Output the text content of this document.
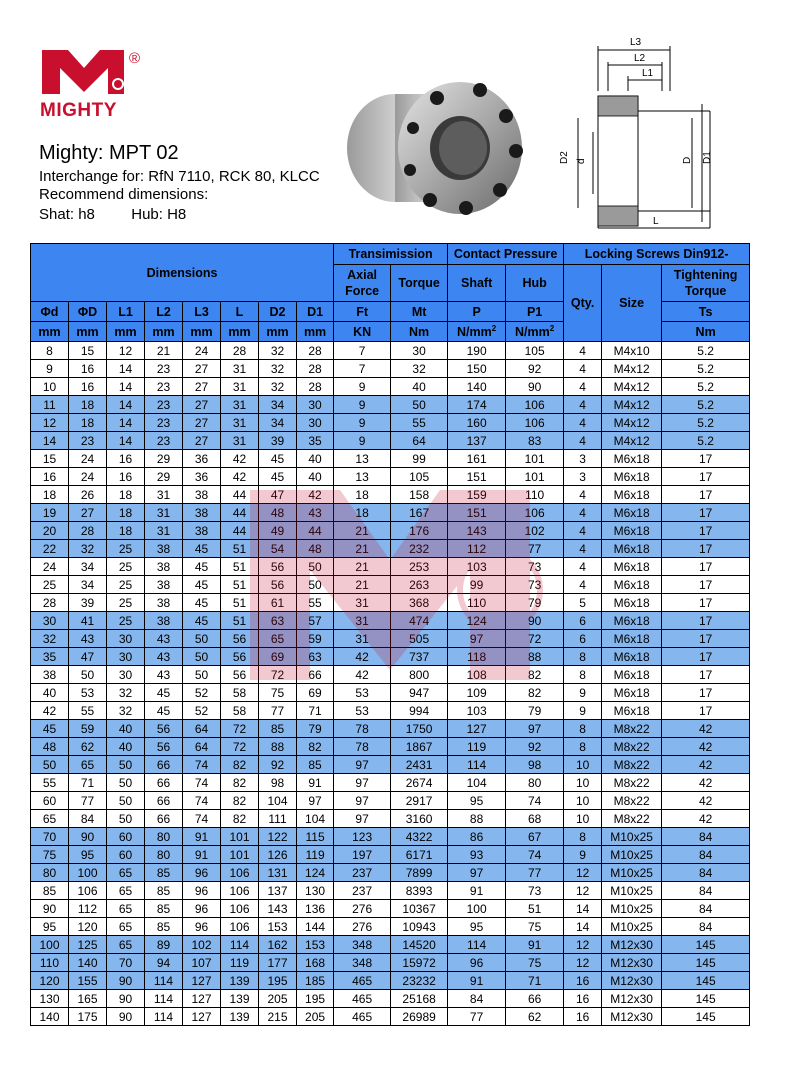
®
MIGHTY
Mighty: MPT 02
Interchange for: RfN 7110, RCK 80, KLCC
Recommend dimensions:
Shat: h8 Hub: H8
L3
L2
L1
L
D2 d	D D1
Dimensions								Transimission		Contact Pressure		Locking Screws Din912-		
								Axial Force	Torque	Shaft	Hub	Qty.	Size	Tightening Torque
Φd	ΦD	L1	L2	L3	L	D2	D1	Ft	Mt	P	P1			Ts
mm	mm	mm	mm	mm	mm	mm	mm	KN	Nm	$N/mm^2$	$N/mm^2$			Nm
8	15	12	21	24	28	32	28	7	30	190	105	4	M4x10	5.2
9	16	14	23	27	31	32	28	7	32	150	92	4	M4x12	5.2
10	16	14	23	27	31	32	28	9	40	140	90	4	M4x12	5.2
11	18	14	23	27	31	34	30	9	50	174	106	4	M4x12	5.2
12	18	14	23	27	31	34	30	9	55	160	106	4	M4x12	5.2
14	23	14	23	27	31	39	35	9	64	137	83	4	M4x12	5.2
15	24	16	29	36	42	45	40	13	99	161	101	3	M6x18	17
16	24	16	29	36	42	45	40	13	105	151	101	3	M6x18	17
18	26	18	31	38	44	47	42	18	158	159	110	4	M6x18	17
19	27	18	31	38	44	48	43	18	167	151	106	4	M6x18	17
20	28	18	31	38	44	49	44	21	176	143	102	4	M6x18	17
22	32	25	38	45	51	54	48	21	232	112	77	4	M6x18	17
24	34	25	38	45	51	56	50	21	253	103	73	4	M6x18	17
25	34	25	38	45	51	56	50	21	263	99	73	4	M6x18	17
28	39	25	38	45	51	61	55	31	368	110	79	5	M6x18	17
30	41	25	38	45	51	63	57	31	474	124	90	6	M6x18	17
32	43	30	43	50	56	65	59	31	505	97	72	6	M6x18	17
35	47	30	43	50	56	69	63	42	737	118	88	8	M6x18	17
38	50	30	43	50	56	72	66	42	800	108	82	8	M6x18	17
40	53	32	45	52	58	75	69	53	947	109	82	9	M6x18	17
42	55	32	45	52	58	77	71	53	994	103	79	9	M6x18	17
45	59	40	56	64	72	85	79	78	1750	127	97	8	M8x22	42
48	62	40	56	64	72	88	82	78	1867	119	92	8	M8x22	42
50	65	50	66	74	82	92	85	97	2431	114	98	10	M8x22	42
55	71	50	66	74	82	98	91	97	2674	104	80	10	M8x22	42
60	77	50	66	74	82	104	97	97	2917	95	74	10	M8x22	42
65	84	50	66	74	82	111	104	97	3160	88	68	10	M8x22	42
70	90	60	80	91	101	122	115	123	4322	86	67	8	M10x25	84
75	95	60	80	91	101	126	119	197	6171	93	74	9	M10x25	84
80	100	65	85	96	106	131	124	237	7899	97	77	12	M10x25	84
85	106	65	85	96	106	137	130	237	8393	91	73	12	M10x25	84
90	112	65	85	96	106	143	136	276	10367	100	51	14	M10x25	84
95	120	65	85	96	106	153	144	276	10943	95	75	14	M10x25	84
100	125	65	89	102	114	162	153	348	14520	114	91	12	M12x30	145
110	140	70	94	107	119	177	168	348	15972	96	75	12	M12x30	145
120	155	90	114	127	139	195	185	465	23232	91	71	16	M12x30	145
130	165	90	114	127	139	205	195	465	25168	84	66	16	M12x30	145
140	175	90	114	127	139	215	205	465	26989	77	62	16	M12x30	145
